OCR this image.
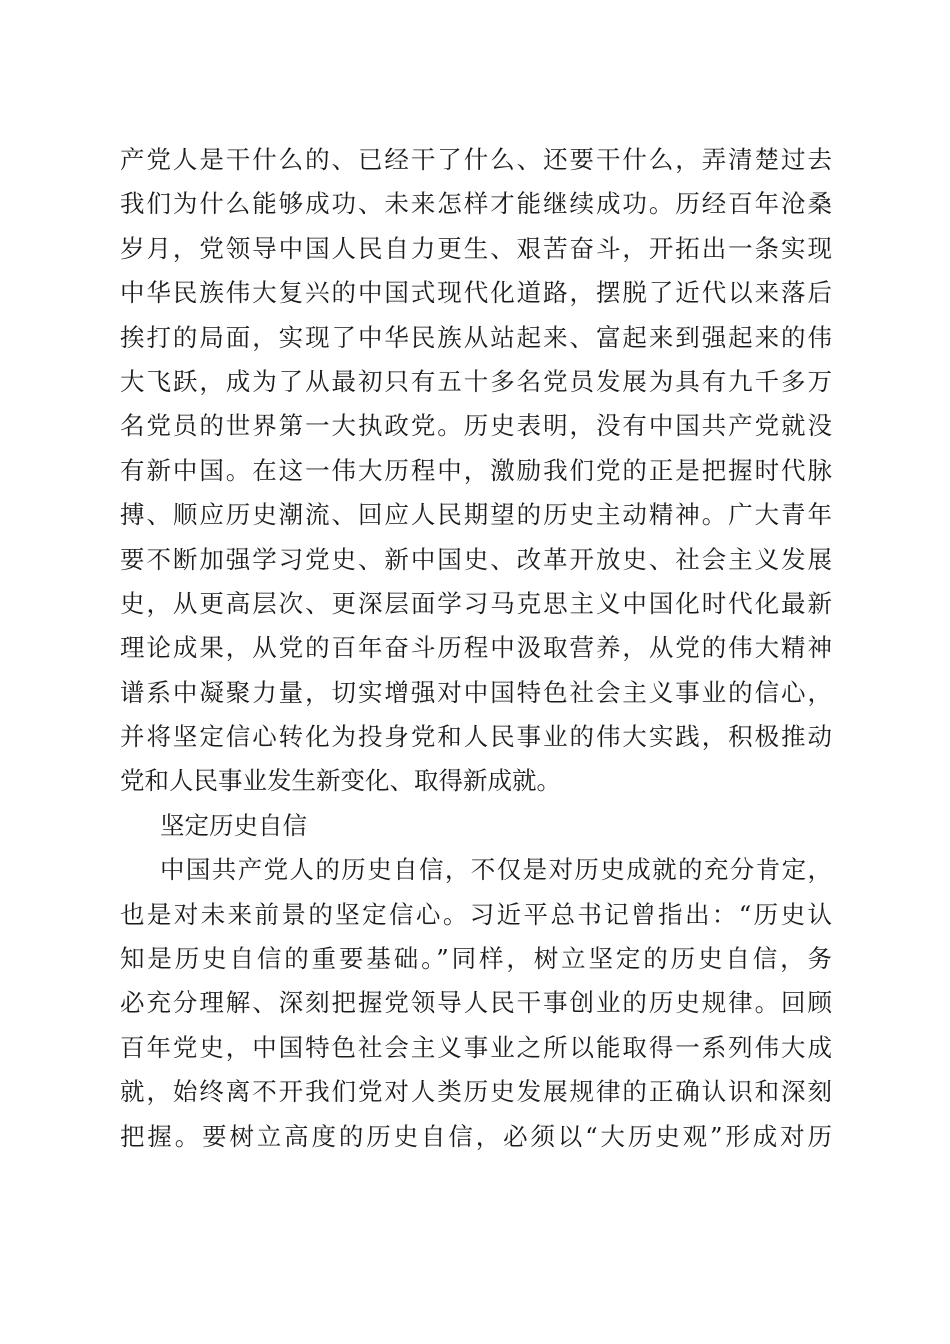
产党人是干什么的、已经干了什么、还要干什么，弄清楚过去
我们为什么能够成功、未来怎样才能继续成功。历经百年沧桑
岁月，党领导中国人民自力更生、艰苦奋斗，开拓出一条实现
中华民族伟大复兴的中国式现代化道路，摆脱了近代以来落后
挨打的局面，实现了中华民族从站起来、富起来到强起来的伟
大飞跃，成为了从最初只有五十多名党员发展为具有九千多万
名党员的世界第一大执政党。历史表明，没有中国共产党就没
有新中国。在这一伟大历程中，激励我们党的正是把握时代脉
搏、顺应历史潮流、回应人民期望的历史主动精神。广大青年
要不断加强学习党史、新中国史、改革开放史、社会主义发展
史，从更高层次、更深层面学习马克思主义中国化时代化最新
理论成果，从党的百年奋斗历程中汲取营养，从党的伟大精神
谱系中凝聚力量，切实增强对中国特色社会主义事业的信心，
并将坚定信心转化为投身党和人民事业的伟大实践，积极推动
党和人民事业发生新变化、取得新成就。
坚定历史自信
中国共产党人的历史自信，不仅是对历史成就的充分肯定，
也是对未来前景的坚定信心。习近平总书记曾指出：“历史认
知是历史自信的重要基础。”同样，树立坚定的历史自信，务
必充分理解、深刻把握党领导人民干事创业的历史规律。回顾
百年党史，中国特色社会主义事业之所以能取得一系列伟大成
就，始终离不开我们党对人类历史发展规律的正确认识和深刻
把握。要树立高度的历史自信，必须以“大历史观”形成对历
